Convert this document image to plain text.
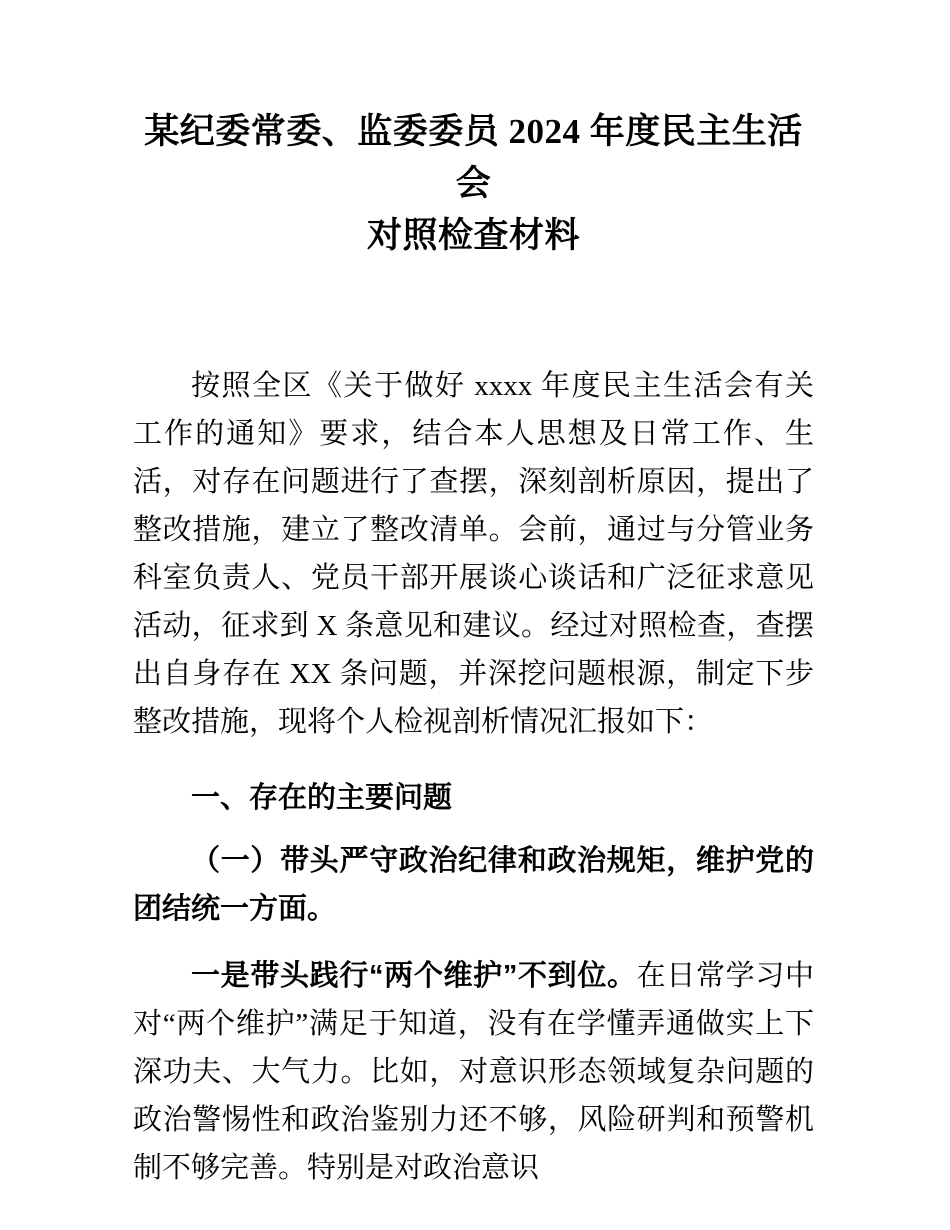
某纪委常委、监委委员 2024 年度民主生活会
对照检查材料

按照全区《关于做好 xxxx 年度民主生活会有关工作的通知》要求，结合本人思想及日常工作、生活，对存在问题进行了查摆，深刻剖析原因，提出了整改措施，建立了整改清单。会前，通过与分管业务科室负责人、党员干部开展谈心谈话和广泛征求意见活动，征求到 X 条意见和建议。经过对照检查，查摆出自身存在 XX 条问题，并深挖问题根源，制定下步整改措施，现将个人检视剖析情况汇报如下：

一、存在的主要问题

（一）带头严守政治纪律和政治规矩，维护党的团结统一方面。

一是带头践行“两个维护”不到位。在日常学习中对“两个维护”满足于知道，没有在学懂弄通做实上下深功夫、大气力。比如，对意识形态领域复杂问题的政治警惕性和政治鉴别力还不够，风险研判和预警机制不够完善。特别是对政治意识
